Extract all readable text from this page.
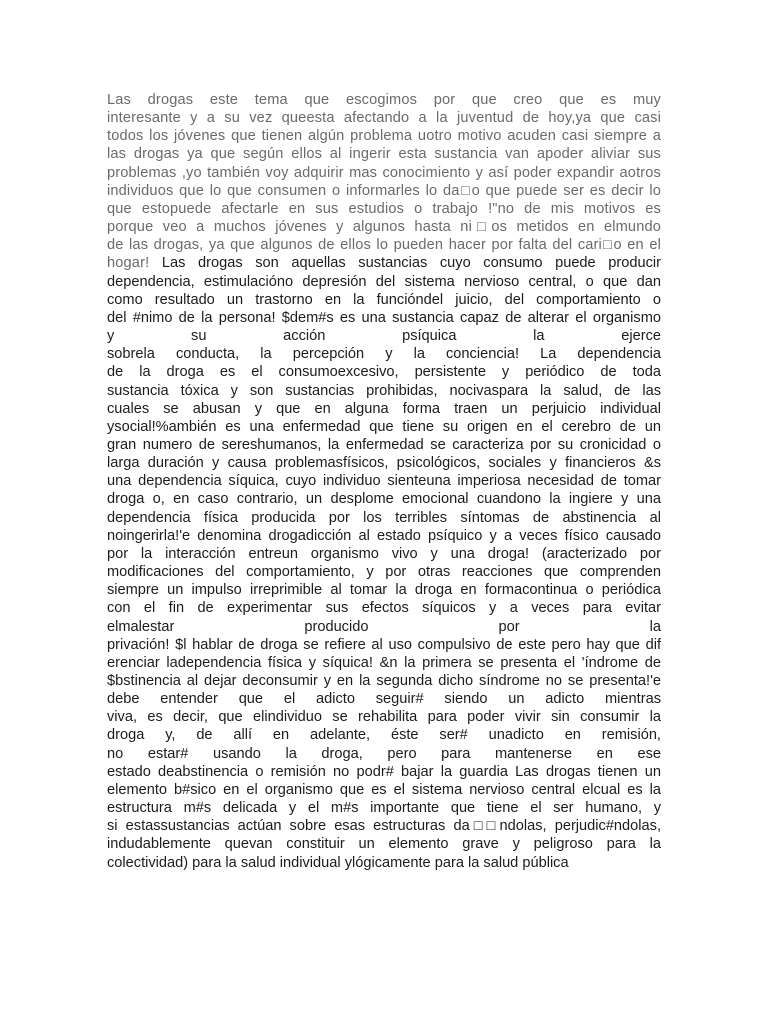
Las drogas este tema que escogimos por que creo que es muy
interesante y a su vez queesta afectando a la juventud de hoy,ya que casi
todos los jóvenes que tienen algún problema uotro motivo acuden casi siempre a
las drogas ya que según ellos al ingerir esta sustancia van apoder aliviar sus
problemas ,yo también voy adquirir mas conocimiento y así poder expandir aotros
individuos que lo que consumen o informarles lo da□o que puede ser es decir lo
que estopuede afectarle en sus estudios o trabajo !"no de mis motivos es
porque veo a muchos jóvenes y algunos hasta ni□os metidos en elmundo
de las drogas, ya que algunos de ellos lo pueden hacer por falta del cari□o en el
hogar! Las drogas son aquellas sustancias cuyo consumo puede producir
dependencia, estimulacióno depresión del sistema nervioso central, o que dan
como resultado un trastorno en la funcióndel juicio, del comportamiento o
del #nimo de la persona! $dem#s es una sustancia capaz de alterar el organismo
y su acción psíquica la ejerce
sobrela conducta, la percepción y la conciencia! La dependencia
de la droga es el consumoexcesivo, persistente y periódico de toda
sustancia tóxica y son sustancias prohibidas, nocivaspara la salud, de las
cuales se abusan y que en alguna forma traen un perjuicio individual
ysocial!%ambién es una enfermedad que tiene su origen en el cerebro de un
gran numero de sereshumanos, la enfermedad se caracteriza por su cronicidad o
larga duración y causa problemasfísicos, psicológicos, sociales y financieros &s
una dependencia síquica, cuyo individuo sienteuna imperiosa necesidad de tomar
droga o, en caso contrario, un desplome emocional cuandono la ingiere y una
dependencia física producida por los terribles síntomas de abstinencia al
noingerirla!'e denomina drogadicción al estado psíquico y a veces físico causado
por la interacción entreun organismo vivo y una droga! (aracterizado por
modificaciones del comportamiento, y por otras reacciones que comprenden
siempre un impulso irreprimible al tomar la droga en formacontinua o periódica
con el fin de experimentar sus efectos síquicos y a veces para evitar
elmalestar producido por la
privación! $l hablar de droga se refiere al uso compulsivo de este pero hay que dif
erenciar ladependencia física y síquica! &n la primera se presenta el 'índrome de
$bstinencia al dejar deconsumir y en la segunda dicho síndrome no se presenta!'e
debe entender que el adicto seguir# siendo un adicto mientras
viva, es decir, que elindividuo se rehabilita para poder vivir sin consumir la
droga y, de allí en adelante, éste ser# unadicto en remisión,
no estar# usando la droga, pero para mantenerse en ese
estado deabstinencia o remisión no podr# bajar la guardia Las drogas tienen un
elemento b#sico en el organismo que es el sistema nervioso central elcual es la
estructura m#s delicada y el m#s importante que tiene el ser humano, y
si estassustancias actúan sobre esas estructuras da□□ndolas, perjudic#ndolas,
indudablemente quevan constituir un elemento grave y peligroso para la
colectividad) para la salud individual ylógicamente para la salud pública
